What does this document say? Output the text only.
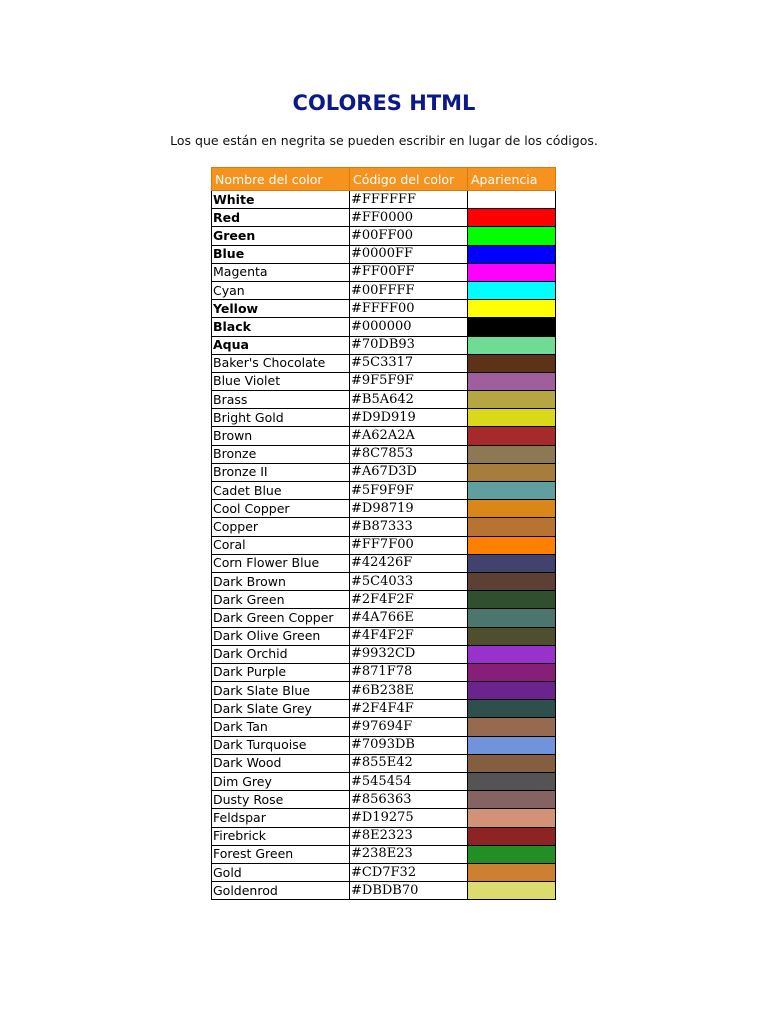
COLORES HTML
Los que están en negrita se pueden escribir en lugar de los códigos.
Nombre del color	Código del color	Apariencia
White	#FFFFFF	
Red	#FF0000	
Green	#00FF00	
Blue	#0000FF	
Magenta	#FF00FF	
Cyan	#00FFFF	
Yellow	#FFFF00	
Black	#000000	
Aqua	#70DB93	
Baker's Chocolate	#5C3317	
Blue Violet	#9F5F9F	
Brass	#B5A642	
Bright Gold	#D9D919	
Brown	#A62A2A	
Bronze	#8C7853	
Bronze II	#A67D3D	
Cadet Blue	#5F9F9F	
Cool Copper	#D98719	
Copper	#B87333	
Coral	#FF7F00	
Corn Flower Blue	#42426F	
Dark Brown	#5C4033	
Dark Green	#2F4F2F	
Dark Green Copper	#4A766E	
Dark Olive Green	#4F4F2F	
Dark Orchid	#9932CD	
Dark Purple	#871F78	
Dark Slate Blue	#6B238E	
Dark Slate Grey	#2F4F4F	
Dark Tan	#97694F	
Dark Turquoise	#7093DB	
Dark Wood	#855E42	
Dim Grey	#545454	
Dusty Rose	#856363	
Feldspar	#D19275	
Firebrick	#8E2323	
Forest Green	#238E23	
Gold	#CD7F32	
Goldenrod	#DBDB70	
